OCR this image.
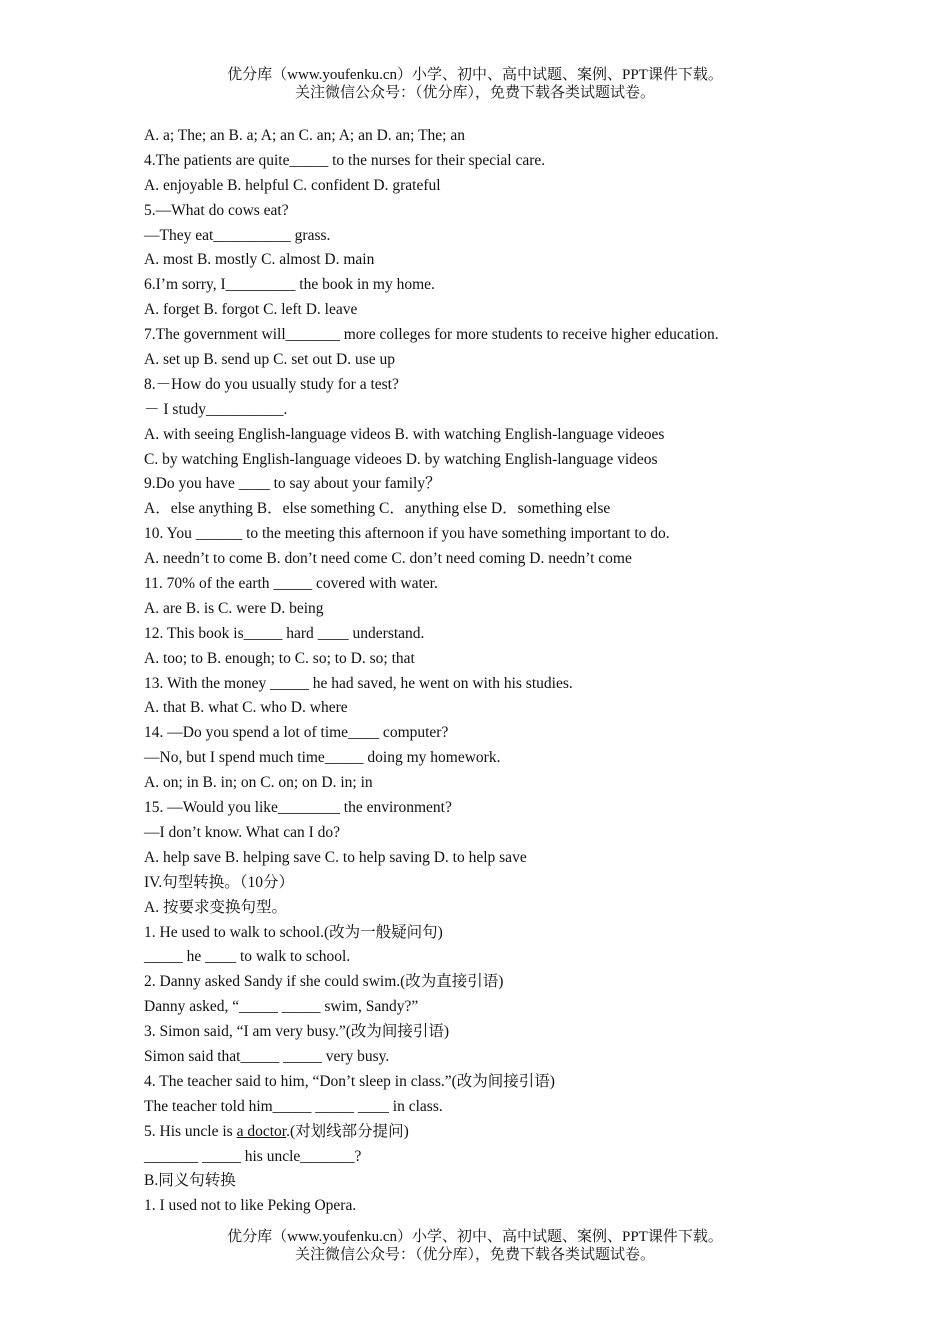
优分库（www.youfenku.cn）小学、初中、高中试题、案例、PPT课件下载。
关注微信公众号：（优分库），免费下载各类试题试卷。
A. a; The; an B. a; A; an C. an; A; an D. an; The; an
4.The patients are quite_____ to the nurses for their special care.
A. enjoyable B. helpful C. confident D. grateful
5.—What do cows eat?
—They eat__________ grass.
A. most B. mostly C. almost D. main
6.I’m sorry, I_________ the book in my home.
A. forget B. forgot C. left D. leave
7.The government will_______ more colleges for more students to receive higher education.
A. set up B. send up C. set out D. use up
8.－How do you usually study for a test?
－ I study__________.
A. with seeing English-language videos B. with watching English-language videoes
C. by watching English-language videoes D. by watching English-language videos
9.Do you have ____ to say about your family？
A．else anything B．else something C．anything else D．something else
10. You ______ to the meeting this afternoon if you have something important to do.
A. needn’t to come B. don’t need come C. don’t need coming D. needn’t come
11. 70% of the earth _____ covered with water.
A. are B. is C. were D. being
12. This book is_____ hard ____ understand.
A. too; to B. enough; to C. so; to D. so; that
13. With the money _____ he had saved, he went on with his studies.
A. that B. what C. who D. where
14. —Do you spend a lot of time____ computer?
—No, but I spend much time_____ doing my homework.
A. on; in B. in; on C. on; on D. in; in
15. —Would you like________ the environment?
—I don’t know. What can I do?
A. help save B. helping save C. to help saving D. to help save
IV.句型转换。（10分）
A. 按要求变换句型。
1. He used to walk to school.(改为一般疑问句)
_____ he ____ to walk to school.
2. Danny asked Sandy if she could swim.(改为直接引语)
Danny asked, “_____ _____ swim, Sandy?”
3. Simon said, “I am very busy.”(改为间接引语)
Simon said that_____ _____ very busy.
4. The teacher said to him, “Don’t sleep in class.”(改为间接引语)
The teacher told him_____ _____ ____ in class.
5. His uncle is a doctor.(对划线部分提问)
_______ _____ his uncle_______?
B.同义句转换
1. I used not to like Peking Opera.
优分库（www.youfenku.cn）小学、初中、高中试题、案例、PPT课件下载。
关注微信公众号：（优分库），免费下载各类试题试卷。
